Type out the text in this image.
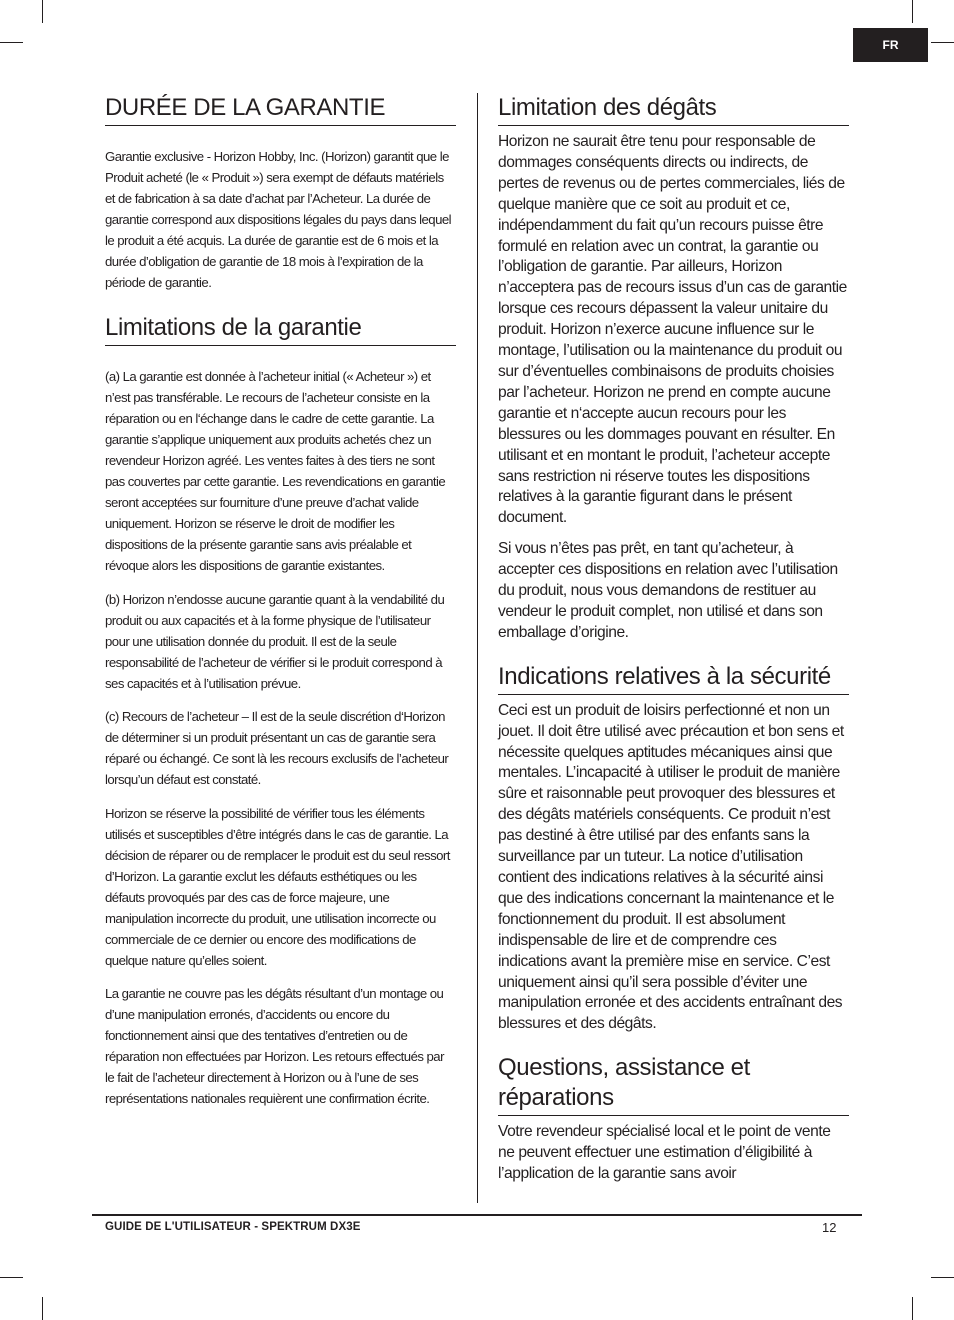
FR
DURÉE DE LA GARANTIE

Garantie exclusive - Horizon Hobby, Inc. (Horizon) garantit que le Produit acheté (le « Produit ») sera exempt de défauts matériels et de fabrication à sa date d’achat par l’Acheteur. La durée de garantie correspond aux dispositions légales du pays dans lequel le produit a été acquis. La durée de garantie est de 6 mois et la durée d’obligation de garantie de 18 mois à l’expiration de la période de garantie.

Limitations de la garantie

(a) La garantie est donnée à l’acheteur initial (« Acheteur ») et n’est pas transférable. Le recours de l’acheteur consiste en la réparation ou en l‘échange dans le cadre de cette garantie. La garantie s’applique uniquement aux produits achetés chez un revendeur Horizon agréé. Les ventes faites à des tiers ne sont pas couvertes par cette garantie. Les revendications en garantie seront acceptées sur fourniture d’une preuve d’achat valide uniquement. Horizon se réserve le droit de modifier les dispositions de la présente garantie sans avis préalable et révoque alors les dispositions de garantie existantes.

(b) Horizon n’endosse aucune garantie quant à la vendabilité du produit ou aux capacités et à la forme physique de l’utilisateur pour une utilisation donnée du produit. Il est de la seule responsabilité de l’acheteur de vérifier si le produit correspond à ses capacités et à l’utilisation prévue.

(c) Recours de l’acheteur – Il est de la seule discrétion d‘Horizon de déterminer si un produit présentant un cas de garantie sera réparé ou échangé. Ce sont là les recours exclusifs de l’acheteur lorsqu’un défaut est constaté.

Horizon se réserve la possibilité de vérifier tous les éléments utilisés et susceptibles d’être intégrés dans le cas de garantie. La décision de réparer ou de remplacer le produit est du seul ressort d’Horizon. La garantie exclut les défauts esthétiques ou les défauts provoqués par des cas de force majeure, une manipulation incorrecte du produit, une utilisation incorrecte ou commerciale de ce dernier ou encore des modifications de quelque nature qu’elles soient.

La garantie ne couvre pas les dégâts résultant d’un montage ou d’une manipulation erronés, d’accidents ou encore du fonctionnement ainsi que des tentatives d’entretien ou de réparation non effectuées par Horizon. Les retours effectués par le fait de l’acheteur directement à Horizon ou à l’une de ses représentations nationales requièrent une confirmation écrite.

Limitation des dégâts

Horizon ne saurait être tenu pour responsable de dommages conséquents directs ou indirects, de pertes de revenus ou de pertes commerciales, liés de quelque manière que ce soit au produit et ce, indépendamment du fait qu’un recours puisse être formulé en relation avec un contrat, la garantie ou l’obligation de garantie. Par ailleurs, Horizon n’acceptera pas de recours issus d’un cas de garantie lorsque ces recours dépassent la valeur unitaire du produit. Horizon n’exerce aucune influence sur le montage, l’utilisation ou la maintenance du produit ou sur d’éventuelles combinaisons de produits choisies par l’acheteur. Horizon ne prend en compte aucune garantie et n‘accepte aucun recours pour les blessures ou les dommages pouvant en résulter. En utilisant et en montant le produit, l’acheteur accepte sans restriction ni réserve toutes les dispositions relatives à la garantie figurant dans le présent document.

Si vous n’êtes pas prêt, en tant qu’acheteur, à accepter ces dispositions en relation avec l’utilisation du produit, nous vous demandons de restituer au vendeur le produit complet, non utilisé et dans son emballage d’origine.

Indications relatives à la sécurité

Ceci est un produit de loisirs perfectionné et non un jouet. Il doit être utilisé avec précaution et bon sens et nécessite quelques aptitudes mécaniques ainsi que mentales. L’incapacité à utiliser le produit de manière sûre et raisonnable peut provoquer des blessures et des dégâts matériels conséquents. Ce produit n’est pas destiné à être utilisé par des enfants sans la surveillance par un tuteur. La notice d’utilisation contient des indications relatives à la sécurité ainsi que des indications concernant la maintenance et le fonctionnement du produit. Il est absolument indispensable de lire et de comprendre ces indications avant la première mise en service. C’est uniquement ainsi qu’il sera possible d’éviter une manipulation erronée et des accidents entraînant des blessures et des dégâts.

Questions, assistance et réparations

Votre revendeur spécialisé local et le point de vente ne peuvent effectuer une estimation d’éligibilité à l’application de la garantie sans avoir

GUIDE DE L'UTILISATEUR - SPEKTRUM DX3E	12
